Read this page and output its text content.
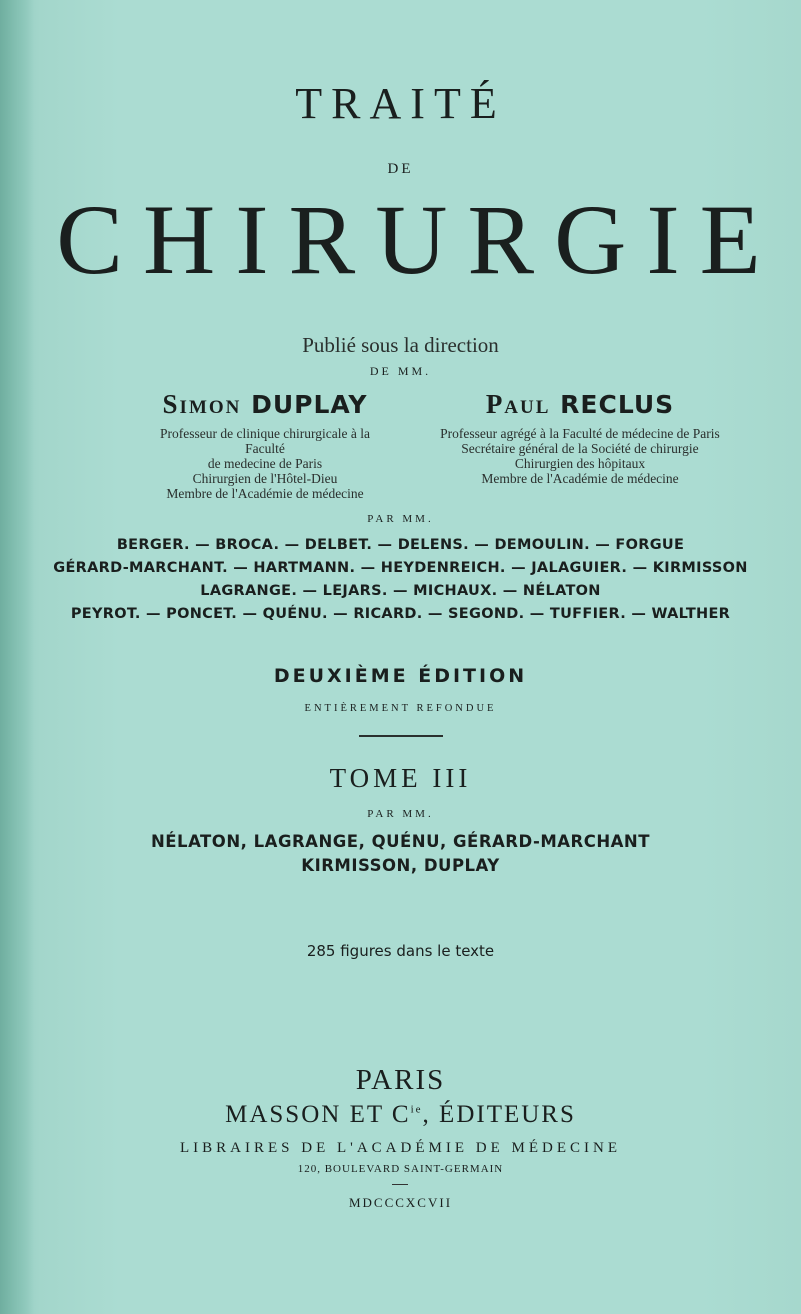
TRAITÉ
DE
CHIRURGIE
Publié sous la direction
DE MM.
Simon DUPLAY
Professeur de clinique chirurgicale à la Faculté
de medecine de Paris
Chirurgien de l'Hôtel-Dieu
Membre de l'Académie de médecine
Paul RECLUS
Professeur agrégé à la Faculté de médecine de Paris
Secrétaire général de la Société de chirurgie
Chirurgien des hôpitaux
Membre de l'Académie de médecine
PAR MM.
BERGER. — BROCA. — DELBET. — DELENS. — DEMOULIN. — FORGUE
GÉRARD-MARCHANT. — HARTMANN. — HEYDENREICH. — JALAGUIER. — KIRMISSON
LAGRANGE. — LEJARS. — MICHAUX. — NÉLATON
PEYROT. — PONCET. — QUÉNU. — RICARD. — SEGOND. — TUFFIER. — WALTHER
DEUXIÈME ÉDITION
ENTIÈREMENT REFONDUE
TOME III
PAR MM.
NÉLATON, LAGRANGE, QUÉNU, GÉRARD-MARCHANT
KIRMISSON, DUPLAY
285 figures dans le texte
PARIS
MASSON ET $C^{ie}$, ÉDITEURS
LIBRAIRES DE L'ACADÉMIE DE MÉDECINE
120, BOULEVARD SAINT-GERMAIN
MDCCCXCVII
